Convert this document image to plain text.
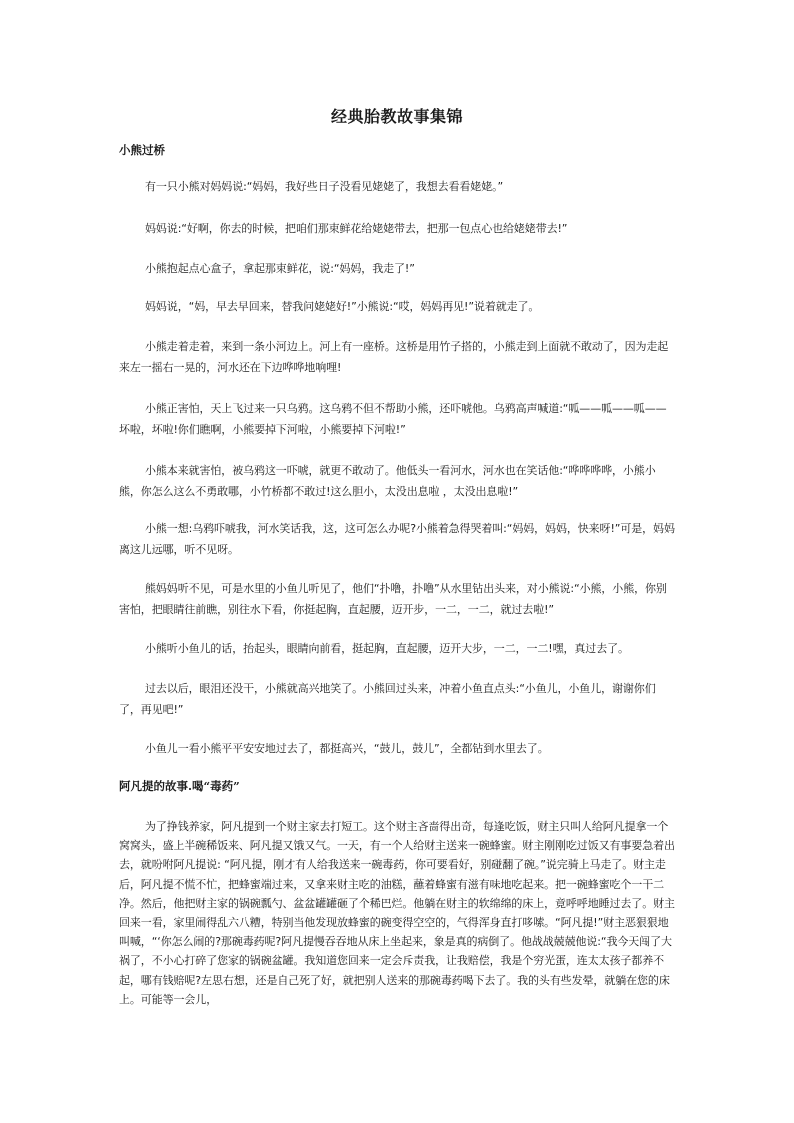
经典胎教故事集锦
小熊过桥

有一只小熊对妈妈说:“妈妈，我好些日子没看见姥姥了，我想去看看姥姥。”

妈妈说:“好啊，你去的时候，把咱们那束鲜花给姥姥带去，把那一包点心也给姥姥带去!”

小熊抱起点心盒子，拿起那束鲜花，说:“妈妈，我走了!”

妈妈说，“妈，早去早回来，替我问姥姥好!”小熊说:“哎，妈妈再见!”说着就走了。

小熊走着走着，来到一条小河边上。河上有一座桥。这桥是用竹子搭的，小熊走到上面就不敢动了，因为走起来左一摇右一晃的，河水还在下边哗哗地响哩!

小熊正害怕，天上飞过来一只乌鸦。这乌鸦不但不帮助小熊，还吓唬他。乌鸦高声喊道:“呱——呱——呱——坏啦，坏啦!你们瞧啊，小熊要掉下河啦，小熊要掉下河啦!”

小熊本来就害怕，被乌鸦这一吓唬，就更不敢动了。他低头一看河水，河水也在笑话他:“哗哗哗哗，小熊小熊，你怎么这么不勇敢哪，小竹桥都不敢过!这么胆小，太没出息啦 ，太没出息啦!”

小熊一想:乌鸦吓唬我，河水笑话我，这，这可怎么办呢?小熊着急得哭着叫:“妈妈，妈妈，快来呀!”可是，妈妈离这儿远哪，听不见呀。

熊妈妈听不见，可是水里的小鱼儿听见了，他们“扑噜，扑噜”从水里钻出头来，对小熊说:“小熊，小熊，你别害怕，把眼睛往前瞧，别往水下看，你挺起胸，直起腰，迈开步，一二，一二，就过去啦!”

小熊听小鱼儿的话，抬起头，眼睛向前看，挺起胸，直起腰，迈开大步，一二，一二!嘿，真过去了。

过去以后，眼泪还没干，小熊就高兴地笑了。小熊回过头来，冲着小鱼直点头:“小鱼儿，小鱼儿，谢谢你们了，再见吧!”

小鱼儿一看小熊平平安安地过去了，都挺高兴，“鼓儿，鼓儿”，全都钻到水里去了。

阿凡提的故事.喝“毒药”

为了挣钱养家，阿凡提到一个财主家去打短工。这个财主吝啬得出奇，每逢吃饭，财主只叫人给阿凡提拿一个窝窝头，盛上半碗稀饭来、阿凡提又饿又气。一天，有一个人给财主送来一碗蜂蜜。财主刚刚吃过饭又有事要急着出去，就吩咐阿凡提说: “阿凡提，刚才有人给我送来一碗毒药，你可要看好，别碰翻了碗。”说完骑上马走了。财主走后，阿凡提不慌不忙，把蜂蜜端过来，又拿来财主吃的油糕，蘸着蜂蜜有滋有味地吃起来。把一碗蜂蜜吃个一干二净。然后，他把财主家的锅碗瓢勺、盆盆罐罐砸了个稀巴烂。他躺在财主的软绵绵的床上，竟呼呼地睡过去了。财主回来一看，家里闹得乱六八糟，特别当他发现放蜂蜜的碗变得空空的，气得浑身直打哆嗦。“阿凡提!”财主恶狠狠地叫喊，“‘你怎么闹的?那碗毒药呢?阿凡提慢吞吞地从床上坐起来，象是真的病倒了。他战战兢兢他说:“我今天闯了大祸了，不小心打碎了您家的锅碗盆罐。我知道您回来一定会斥责我，让我赔偿，我是个穷光蛋，连太太孩子都养不起，哪有钱赔呢?左思右想，还是自己死了好，就把别人送来的那碗毒药喝下去了。我的头有些发晕，就躺在您的床上。可能等一会儿，
